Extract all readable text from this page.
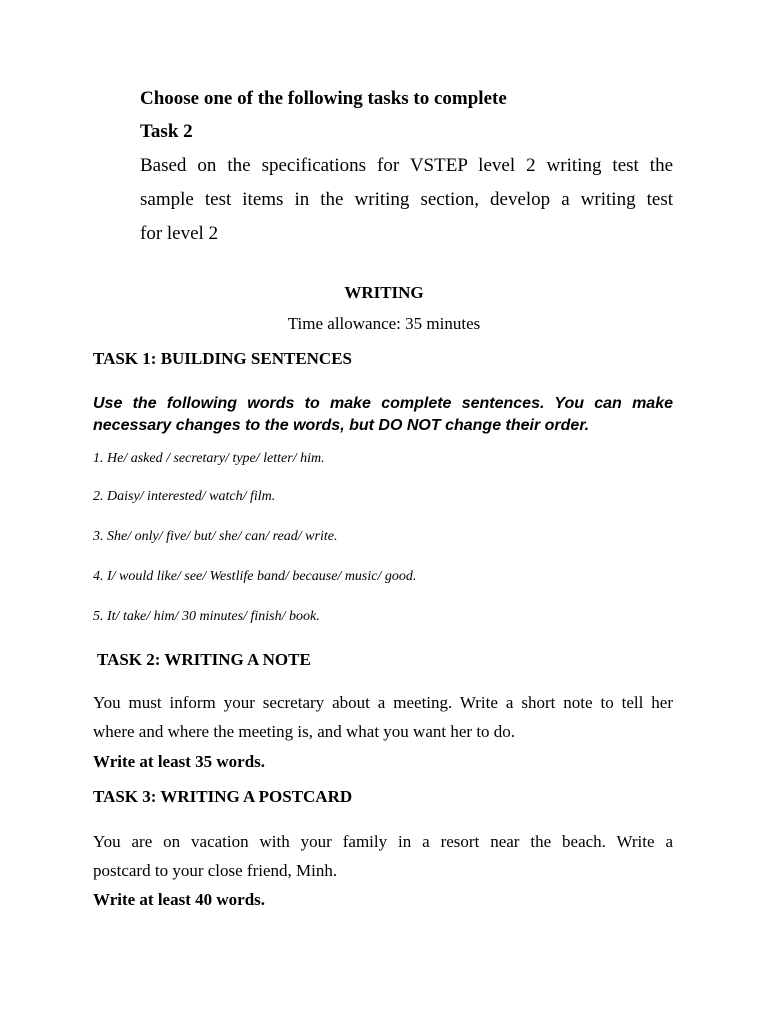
Choose one of the following tasks to complete
Task 2
Based on the specifications for VSTEP level 2 writing test the
sample test items in the writing section, develop a writing test
for level 2
WRITING
Time allowance: 35 minutes
TASK 1: BUILDING SENTENCES
Use the following words to make complete sentences. You can make
necessary changes to the words, but DO NOT change their order.
1. He/ asked / secretary/ type/ letter/ him.
2. Daisy/ interested/ watch/ film.
3. She/ only/ five/ but/ she/ can/ read/ write.
4. I/ would like/ see/ Westlife band/ because/ music/ good.
5. It/ take/ him/ 30 minutes/ finish/ book.
TASK 2: WRITING A NOTE
You must inform your secretary about a meeting. Write a short note to tell her
where and where the meeting is, and what you want her to do.
Write at least 35 words.
TASK 3: WRITING A POSTCARD
You are on vacation with your family in a resort near the beach. Write a
postcard to your close friend, Minh.
Write at least 40 words.
